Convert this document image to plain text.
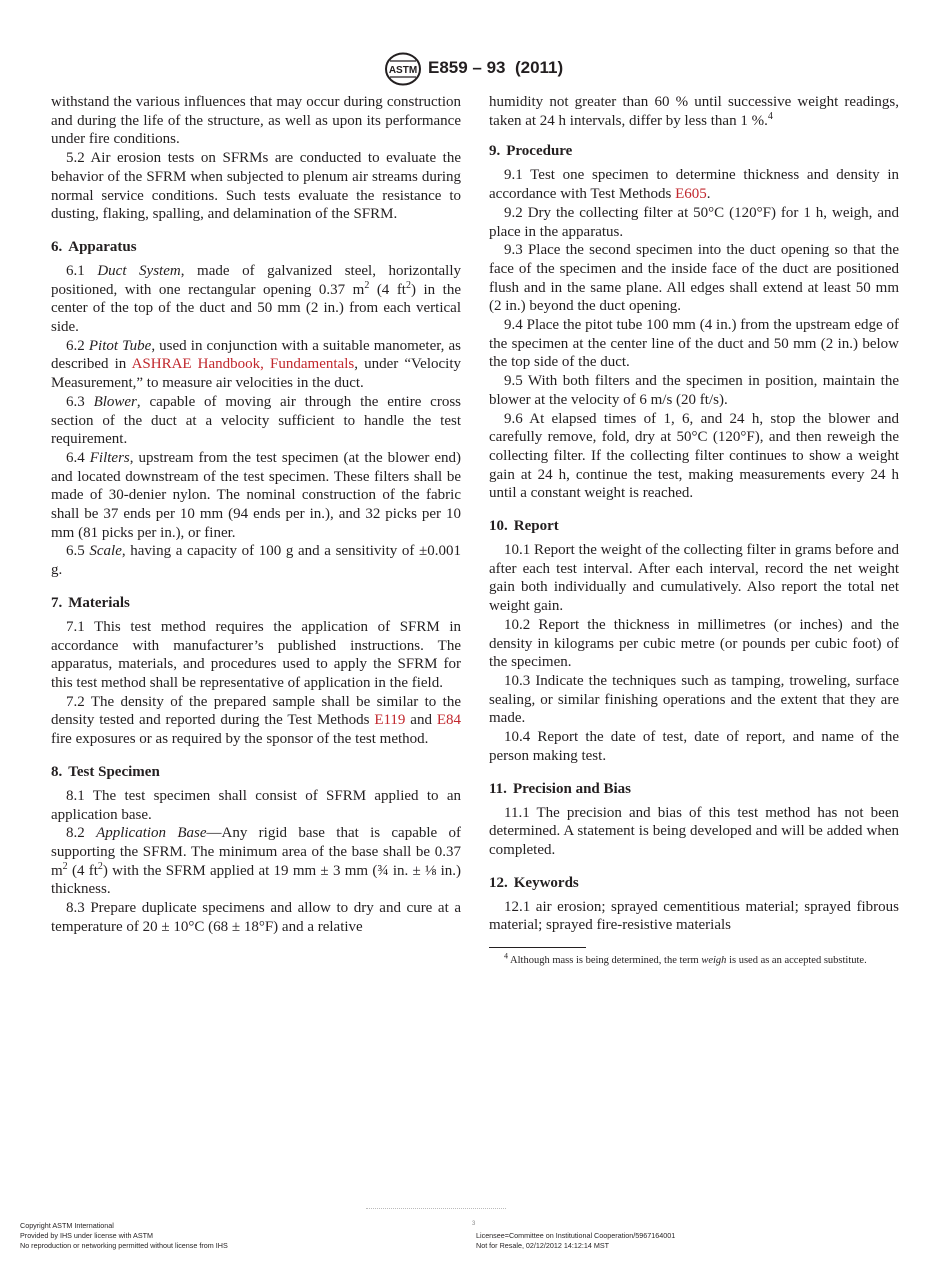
ASTM E859 – 93 (2011)

withstand the various influences that may occur during construction and during the life of the structure, as well as upon its performance under fire conditions.

5.2 Air erosion tests on SFRMs are conducted to evaluate the behavior of the SFRM when subjected to plenum air streams during normal service conditions. Such tests evaluate the resistance to dusting, flaking, spalling, and delamination of the SFRM.

6. Apparatus

6.1 Duct System, made of galvanized steel, horizontally positioned, with one rectangular opening 0.37 $m^2$ (4 $ft^2$) in the center of the top of the duct and 50 mm (2 in.) from each vertical side.

6.2 Pitot Tube, used in conjunction with a suitable manometer, as described in ASHRAE Handbook, Fundamentals, under “Velocity Measurement,” to measure air velocities in the duct.

6.3 Blower, capable of moving air through the entire cross section of the duct at a velocity sufficient to handle the test requirement.

6.4 Filters, upstream from the test specimen (at the blower end) and located downstream of the test specimen. These filters shall be made of 30-denier nylon. The nominal construction of the fabric shall be 37 ends per 10 mm (94 ends per in.), and 32 picks per 10 mm (81 picks per in.), or finer.

6.5 Scale, having a capacity of 100 g and a sensitivity of ±0.001 g.

7. Materials

7.1 This test method requires the application of SFRM in accordance with manufacturer’s published instructions. The apparatus, materials, and procedures used to apply the SFRM for this test method shall be representative of application in the field.

7.2 The density of the prepared sample shall be similar to the density tested and reported during the Test Methods E119 and E84 fire exposures or as required by the sponsor of the test method.

8. Test Specimen

8.1 The test specimen shall consist of SFRM applied to an application base.

8.2 Application Base—Any rigid base that is capable of supporting the SFRM. The minimum area of the base shall be 0.37 $m^2$ (4 $ft^2$) with the SFRM applied at 19 mm ± 3 mm (¾ in. ± ⅛ in.) thickness.

8.3 Prepare duplicate specimens and allow to dry and cure at a temperature of 20 ± 10°C (68 ± 18°F) and a relative

humidity not greater than 60 % until successive weight readings, taken at 24 h intervals, differ by less than 1 %.$^4$

9. Procedure

9.1 Test one specimen to determine thickness and density in accordance with Test Methods E605.

9.2 Dry the collecting filter at 50°C (120°F) for 1 h, weigh, and place in the apparatus.

9.3 Place the second specimen into the duct opening so that the face of the specimen and the inside face of the duct are positioned flush and in the same plane. All edges shall extend at least 50 mm (2 in.) beyond the duct opening.

9.4 Place the pitot tube 100 mm (4 in.) from the upstream edge of the specimen at the center line of the duct and 50 mm (2 in.) below the top side of the duct.

9.5 With both filters and the specimen in position, maintain the blower at the velocity of 6 m/s (20 ft/s).

9.6 At elapsed times of 1, 6, and 24 h, stop the blower and carefully remove, fold, dry at 50°C (120°F), and then reweigh the collecting filter. If the collecting filter continues to show a weight gain at 24 h, continue the test, making measurements every 24 h until a constant weight is reached.

10. Report

10.1 Report the weight of the collecting filter in grams before and after each test interval. After each interval, record the net weight gain both individually and cumulatively. Also report the total net weight gain.

10.2 Report the thickness in millimetres (or inches) and the density in kilograms per cubic metre (or pounds per cubic foot) of the specimen.

10.3 Indicate the techniques such as tamping, troweling, surface sealing, or similar finishing operations and the extent that they are made.

10.4 Report the date of test, date of report, and name of the person making test.

11. Precision and Bias

11.1 The precision and bias of this test method has not been determined. A statement is being developed and will be added when completed.

12. Keywords

12.1 air erosion; sprayed cementitious material; sprayed fibrous material; sprayed fire-resistive materials

$^4$ Although mass is being determined, the term weigh is used as an accepted substitute.

3
Copyright ASTM International
Provided by IHS under license with ASTM
No reproduction or networking permitted without license from IHS
Licensee=Committee on Institutional Cooperation/5967164001
Not for Resale, 02/12/2012 14:12:14 MST
